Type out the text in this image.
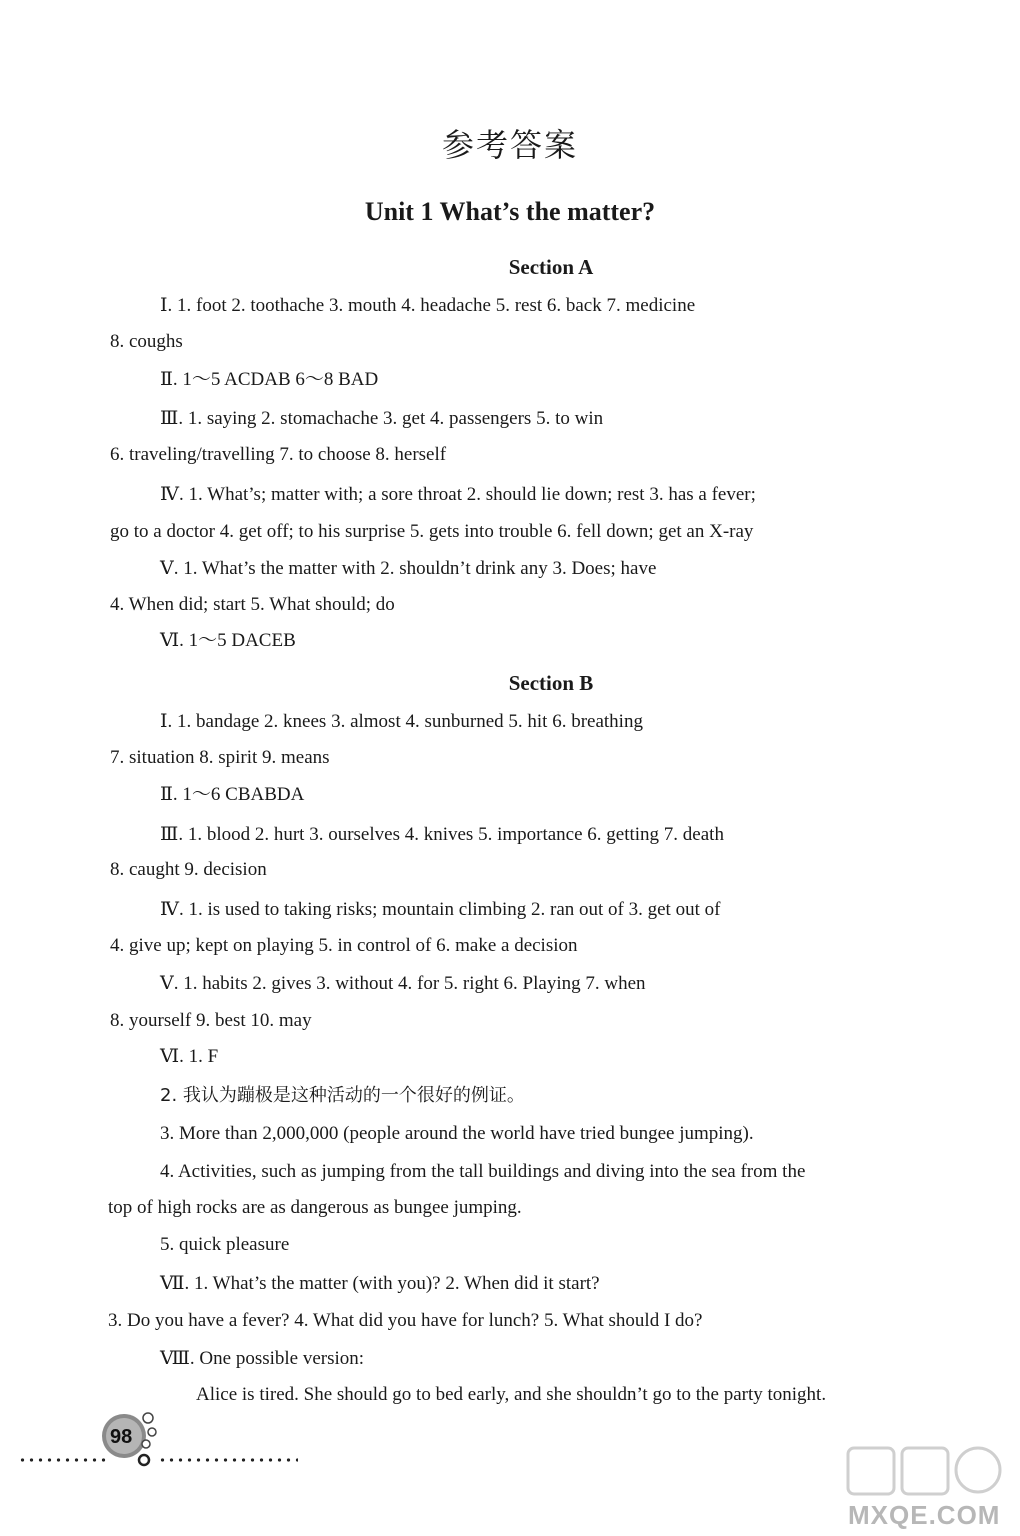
参考答案
Unit 1 What’s the matter?
Section A
Ⅰ. 1. foot 2. toothache 3. mouth 4. headache 5. rest 6. back 7. medicine
8. coughs
Ⅱ. 1～5 ACDAB 6～8 BAD
Ⅲ. 1. saying 2. stomachache 3. get 4. passengers 5. to win
6. traveling/travelling 7. to choose 8. herself
Ⅳ. 1. What’s; matter with; a sore throat 2. should lie down; rest 3. has a fever;
go to a doctor 4. get off; to his surprise 5. gets into trouble 6. fell down; get an X-ray
Ⅴ. 1. What’s the matter with 2. shouldn’t drink any 3. Does; have
4. When did; start 5. What should; do
Ⅵ. 1～5 DACEB
Section B
Ⅰ. 1. bandage 2. knees 3. almost 4. sunburned 5. hit 6. breathing
7. situation 8. spirit 9. means
Ⅱ. 1～6 CBABDA
Ⅲ. 1. blood 2. hurt 3. ourselves 4. knives 5. importance 6. getting 7. death
8. caught 9. decision
Ⅳ. 1. is used to taking risks; mountain climbing 2. ran out of 3. get out of
4. give up; kept on playing 5. in control of 6. make a decision
Ⅴ. 1. habits 2. gives 3. without 4. for 5. right 6. Playing 7. when
8. yourself 9. best 10. may
Ⅵ. 1. F
2. 我认为蹦极是这种活动的一个很好的例证。
3. More than 2,000,000 (people around the world have tried bungee jumping).
4. Activities, such as jumping from the tall buildings and diving into the sea from the
top of high rocks are as dangerous as bungee jumping.
5. quick pleasure
Ⅶ. 1. What’s the matter (with you)? 2. When did it start?
3. Do you have a fever? 4. What did you have for lunch? 5. What should I do?
Ⅷ. One possible version:
Alice is tired. She should go to bed early, and she shouldn’t go to the party tonight.
98
MXQE.COM
